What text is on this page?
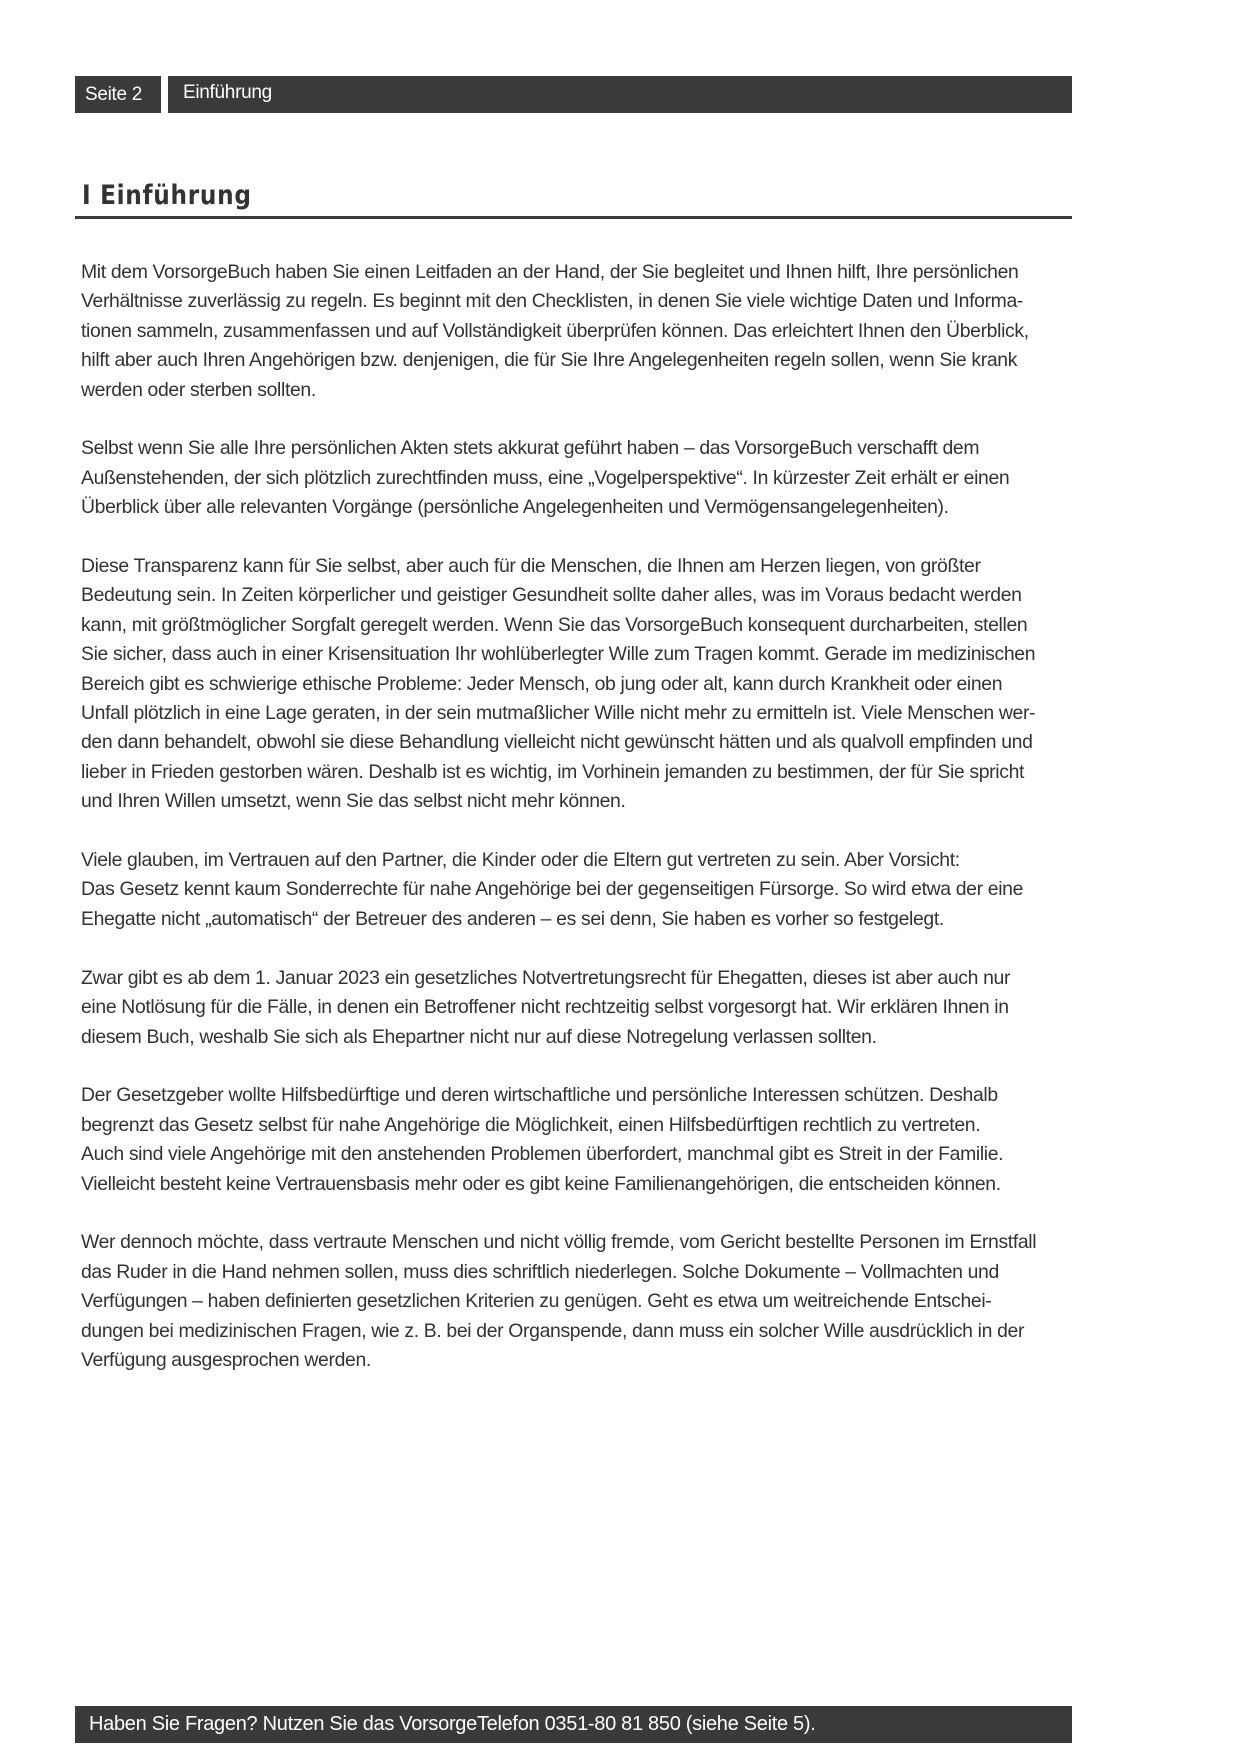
Seite 2	Einführung
I Einführung

Mit dem VorsorgeBuch haben Sie einen Leitfaden an der Hand, der Sie begleitet und Ihnen hilft, Ihre persönlichen
Verhältnisse zuverlässig zu regeln. Es beginnt mit den Checklisten, in denen Sie viele wichtige Daten und Informa-
tionen sammeln, zusammenfassen und auf Vollständigkeit überprüfen können. Das erleichtert Ihnen den Überblick,
hilft aber auch Ihren Angehörigen bzw. denjenigen, die für Sie Ihre Angelegenheiten regeln sollen, wenn Sie krank
werden oder sterben sollten.

Selbst wenn Sie alle Ihre persönlichen Akten stets akkurat geführt haben – das VorsorgeBuch verschafft dem
Außenstehenden, der sich plötzlich zurechtfinden muss, eine „Vogelperspektive“. In kürzester Zeit erhält er einen
Überblick über alle relevanten Vorgänge (persönliche Angelegenheiten und Vermögensangelegenheiten).

Diese Transparenz kann für Sie selbst, aber auch für die Menschen, die Ihnen am Herzen liegen, von größter
Bedeutung sein. In Zeiten körperlicher und geistiger Gesundheit sollte daher alles, was im Voraus bedacht werden
kann, mit größtmöglicher Sorgfalt geregelt werden. Wenn Sie das VorsorgeBuch konsequent durcharbeiten, stellen
Sie sicher, dass auch in einer Krisensituation Ihr wohlüberlegter Wille zum Tragen kommt. Gerade im medizinischen
Bereich gibt es schwierige ethische Probleme: Jeder Mensch, ob jung oder alt, kann durch Krankheit oder einen
Unfall plötzlich in eine Lage geraten, in der sein mutmaßlicher Wille nicht mehr zu ermitteln ist. Viele Menschen wer-
den dann behandelt, obwohl sie diese Behandlung vielleicht nicht gewünscht hätten und als qualvoll empfinden und
lieber in Frieden gestorben wären. Deshalb ist es wichtig, im Vorhinein jemanden zu bestimmen, der für Sie spricht
und Ihren Willen umsetzt, wenn Sie das selbst nicht mehr können.

Viele glauben, im Vertrauen auf den Partner, die Kinder oder die Eltern gut vertreten zu sein. Aber Vorsicht:
Das Gesetz kennt kaum Sonderrechte für nahe Angehörige bei der gegenseitigen Fürsorge. So wird etwa der eine
Ehegatte nicht „automatisch“ der Betreuer des anderen – es sei denn, Sie haben es vorher so festgelegt.

Zwar gibt es ab dem 1. Januar 2023 ein gesetzliches Notvertretungsrecht für Ehegatten, dieses ist aber auch nur
eine Notlösung für die Fälle, in denen ein Betroffener nicht rechtzeitig selbst vorgesorgt hat. Wir erklären Ihnen in
diesem Buch, weshalb Sie sich als Ehepartner nicht nur auf diese Notregelung verlassen sollten.

Der Gesetzgeber wollte Hilfsbedürftige und deren wirtschaftliche und persönliche Interessen schützen. Deshalb
begrenzt das Gesetz selbst für nahe Angehörige die Möglichkeit, einen Hilfsbedürftigen rechtlich zu vertreten.
Auch sind viele Angehörige mit den anstehenden Problemen überfordert, manchmal gibt es Streit in der Familie.
Vielleicht besteht keine Vertrauensbasis mehr oder es gibt keine Familienangehörigen, die entscheiden können.

Wer dennoch möchte, dass vertraute Menschen und nicht völlig fremde, vom Gericht bestellte Personen im Ernstfall
das Ruder in die Hand nehmen sollen, muss dies schriftlich niederlegen. Solche Dokumente – Vollmachten und
Verfügungen – haben definierten gesetzlichen Kriterien zu genügen. Geht es etwa um weitreichende Entschei-
dungen bei medizinischen Fragen, wie z. B. bei der Organspende, dann muss ein solcher Wille ausdrücklich in der
Verfügung ausgesprochen werden.

Haben Sie Fragen? Nutzen Sie das VorsorgeTelefon 0351-80 81 850 (siehe Seite 5).
